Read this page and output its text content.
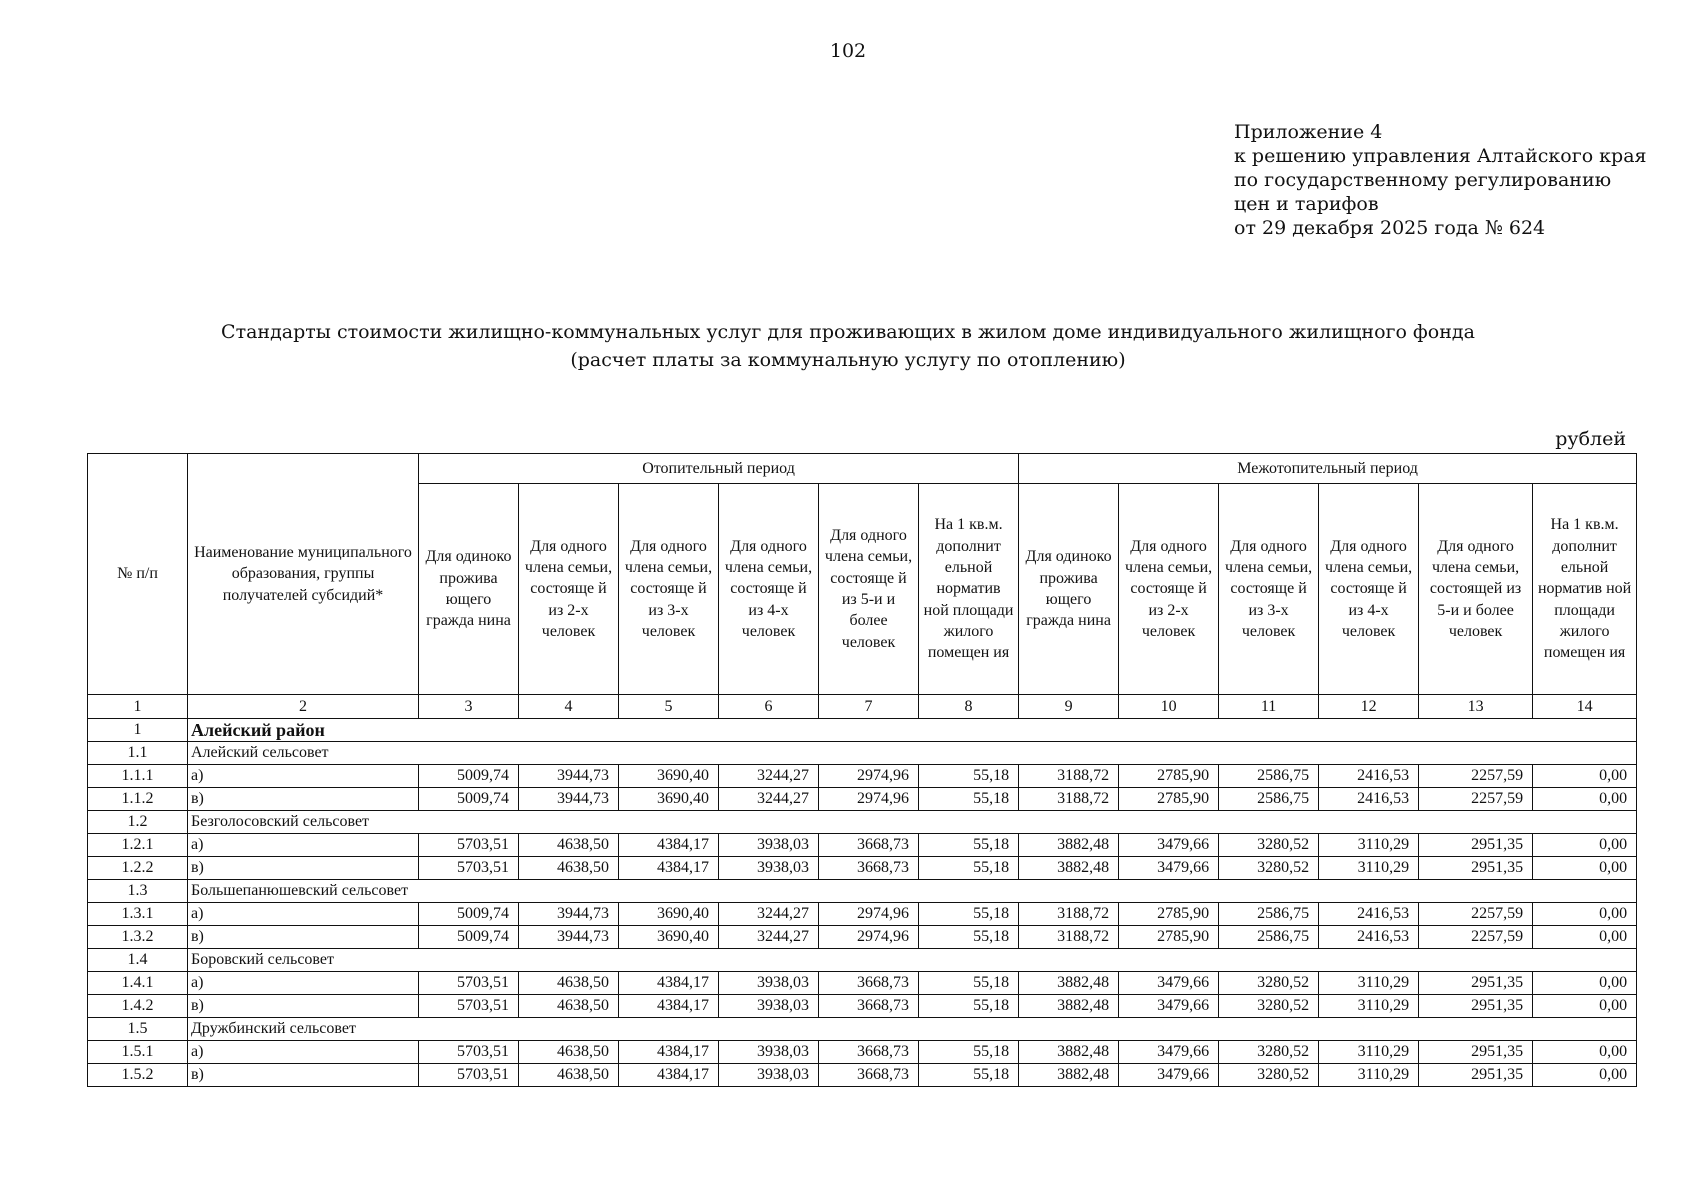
102
Приложение 4
к решению управления Алтайского края
по государственному регулированию
цен и тарифов
от 29 декабря 2025 года № 624
Стандарты стоимости жилищно-коммунальных услуг для проживающих в жилом доме индивидуального жилищного фонда
(расчет платы за коммунальную услугу по отоплению)
рублей
№ п/п	Наименование муниципального образования, группы получателей субсидий*	Отопительный период						Межотопительный период					
		Для одиноко прожива ющего гражда нина	Для одного члена семьи, состояще й из 2-х человек	Для одного члена семьи, состояще й из 3-х человек	Для одного члена семьи, состояще й из 4-х человек	Для одного члена семьи, состояще й из 5-и и более человек	На 1 кв.м. дополнит ельной норматив ной площади жилого помещен ия	Для одиноко прожива ющего гражда нина	Для одного члена семьи, состояще й из 2-х человек	Для одного члена семьи, состояще й из 3-х человек	Для одного члена семьи, состояще й из 4-х человек	Для одного члена семьи, состоящей из 5-и и более человек	На 1 кв.м. дополнит ельной норматив ной площади жилого помещен ия
1	2	3	4	5	6	7	8	9	10	11	12	13	14
1	Алейский район												
1.1	Алейский сельсовет												
1.1.1	а)	5009,74	3944,73	3690,40	3244,27	2974,96	55,18	3188,72	2785,90	2586,75	2416,53	2257,59	0,00
1.1.2	в)	5009,74	3944,73	3690,40	3244,27	2974,96	55,18	3188,72	2785,90	2586,75	2416,53	2257,59	0,00
1.2	Безголосовский сельсовет												
1.2.1	а)	5703,51	4638,50	4384,17	3938,03	3668,73	55,18	3882,48	3479,66	3280,52	3110,29	2951,35	0,00
1.2.2	в)	5703,51	4638,50	4384,17	3938,03	3668,73	55,18	3882,48	3479,66	3280,52	3110,29	2951,35	0,00
1.3	Большепанюшевский сельсовет												
1.3.1	а)	5009,74	3944,73	3690,40	3244,27	2974,96	55,18	3188,72	2785,90	2586,75	2416,53	2257,59	0,00
1.3.2	в)	5009,74	3944,73	3690,40	3244,27	2974,96	55,18	3188,72	2785,90	2586,75	2416,53	2257,59	0,00
1.4	Боровский сельсовет												
1.4.1	а)	5703,51	4638,50	4384,17	3938,03	3668,73	55,18	3882,48	3479,66	3280,52	3110,29	2951,35	0,00
1.4.2	в)	5703,51	4638,50	4384,17	3938,03	3668,73	55,18	3882,48	3479,66	3280,52	3110,29	2951,35	0,00
1.5	Дружбинский сельсовет												
1.5.1	а)	5703,51	4638,50	4384,17	3938,03	3668,73	55,18	3882,48	3479,66	3280,52	3110,29	2951,35	0,00
1.5.2	в)	5703,51	4638,50	4384,17	3938,03	3668,73	55,18	3882,48	3479,66	3280,52	3110,29	2951,35	0,00
